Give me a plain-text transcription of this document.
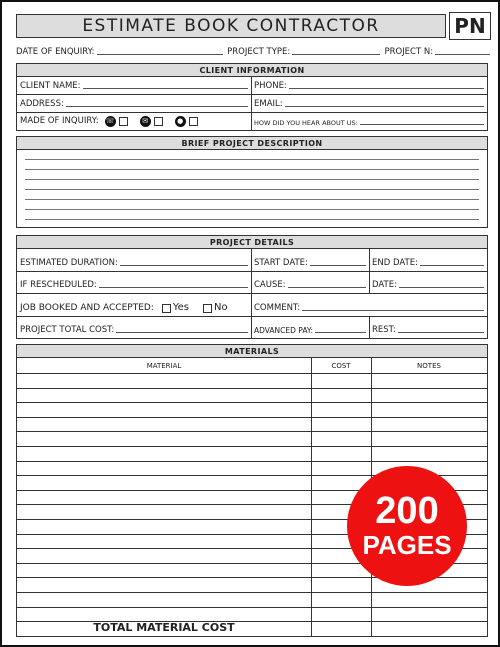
ESTIMATE BOOK CONTRACTOR	PN
DATE OF ENQUIRY:	PROJECT TYPE:	PROJECT N:
CLIENT INFORMATION
CLIENT NAME:	PHONE:
ADDRESS:	EMAIL:
MADE OF INQUIRY: ☏	✉	●	HOW DID YOU HEAR ABOUT US:
BRIEF PROJECT DESCRIPTION
PROJECT DETAILS
ESTIMATED DURATION:	START DATE:	END DATE:
IF RESCHEDULED:	CAUSE:	DATE:
JOB BOOKED AND ACCEPTED: Yes	No	COMMENT:
PROJECT TOTAL COST:	ADVANCED PAY:	REST:
MATERIALS
MATERIAL	COST	NOTES
TOTAL MATERIAL COST
200
PAGES
